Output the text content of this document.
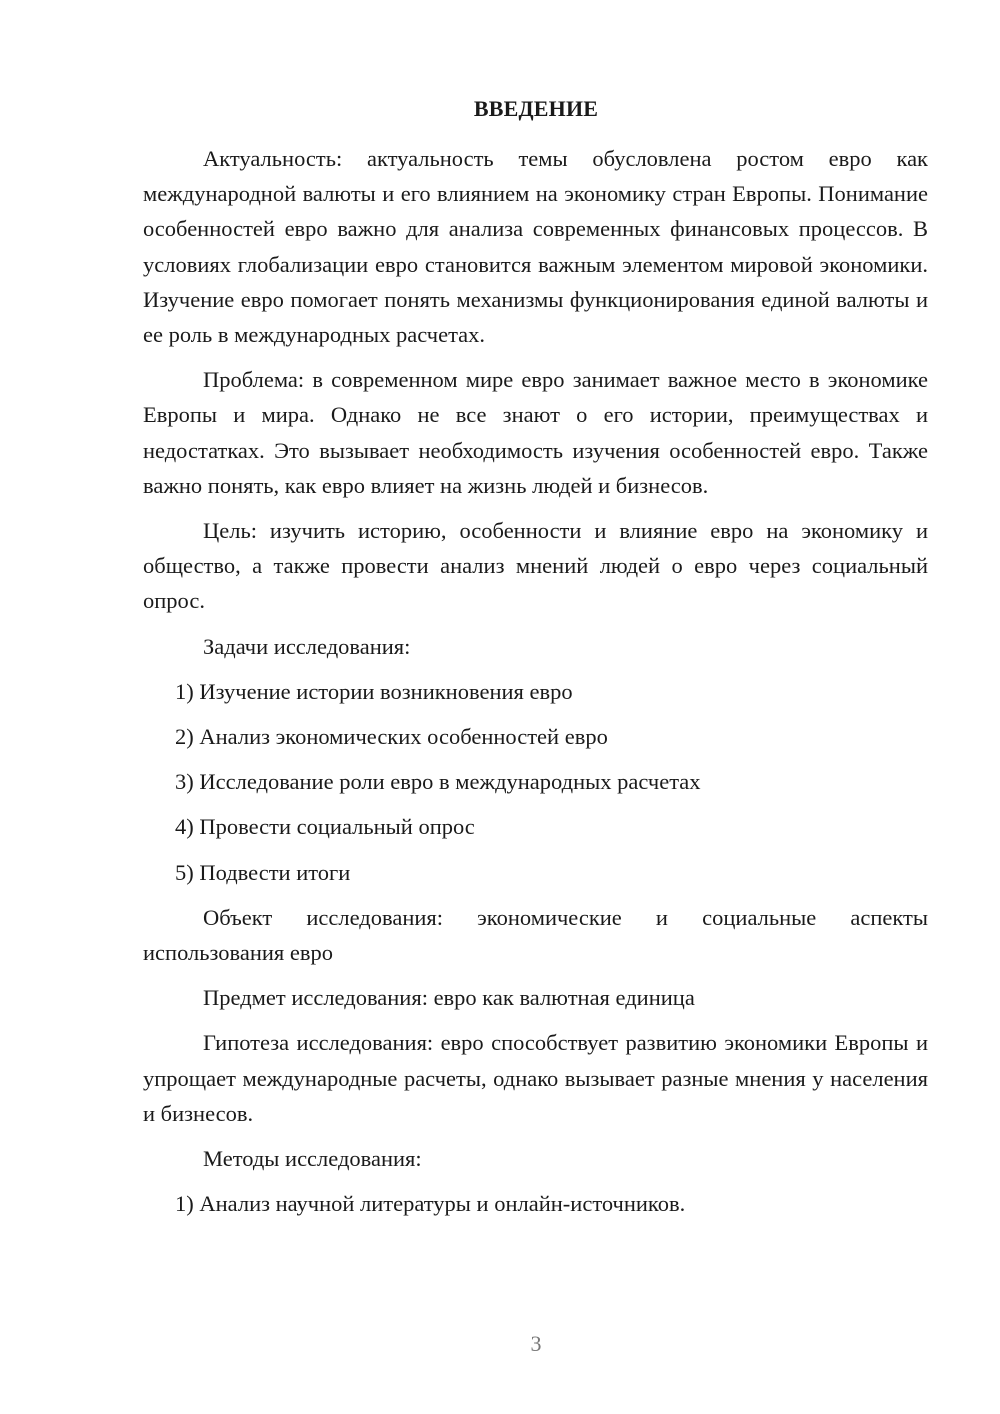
ВВЕДЕНИЕ

Актуальность: актуальность темы обусловлена ростом евро как международной валюты и его влиянием на экономику стран Европы. Понимание особенностей евро важно для анализа современных финансовых процессов. В условиях глобализации евро становится важным элементом мировой экономики. Изучение евро помогает понять механизмы функционирования единой валюты и ее роль в международных расчетах.

Проблема: в современном мире евро занимает важное место в экономике Европы и мира. Однако не все знают о его истории, преимуществах и недостатках. Это вызывает необходимость изучения особенностей евро. Также важно понять, как евро влияет на жизнь людей и бизнесов.

Цель: изучить историю, особенности и влияние евро на экономику и общество, а также провести анализ мнений людей о евро через социальный опрос.

Задачи исследования:

1) Изучение истории возникновения евро

2) Анализ экономических особенностей евро

3) Исследование роли евро в международных расчетах

4) Провести социальный опрос

5) Подвести итоги

Объект исследования: экономические и социальные аспекты использования евро

Предмет исследования: евро как валютная единица

Гипотеза исследования: евро способствует развитию экономики Европы и упрощает международные расчеты, однако вызывает разные мнения у населения и бизнесов.

Методы исследования:

1) Анализ научной литературы и онлайн-источников.

3
